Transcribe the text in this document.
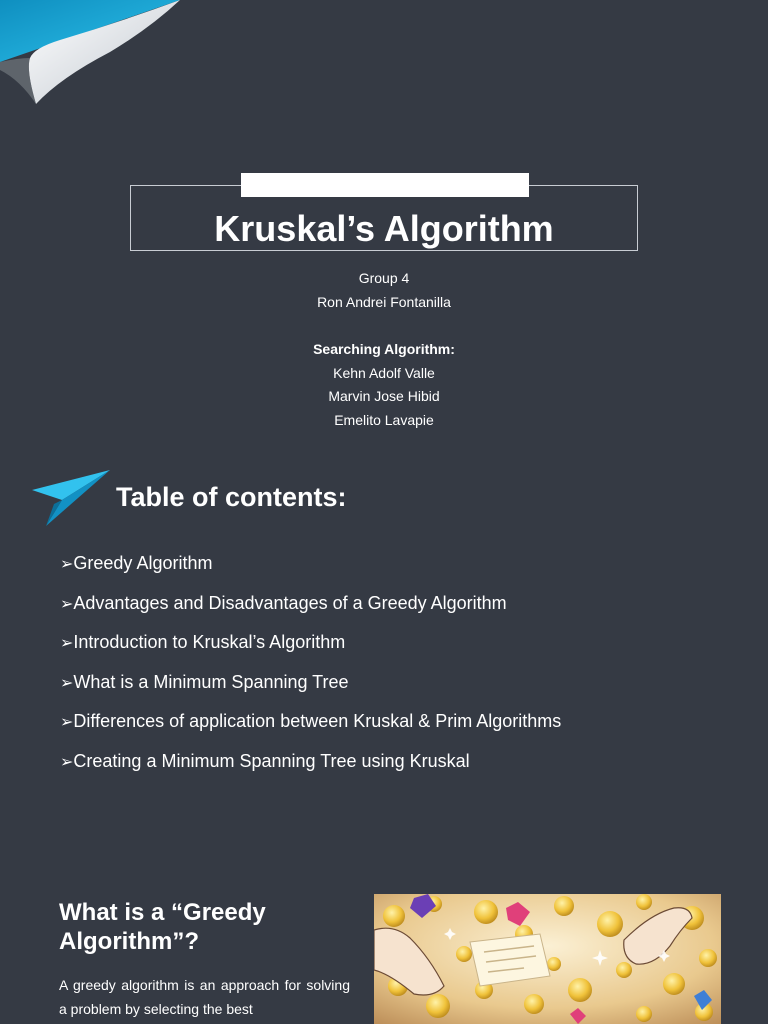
Kruskal’s Algorithm
Group 4
Ron Andrei Fontanilla
Searching Algorithm:
Kehn Adolf Valle
Marvin Jose Hibid
Emelito Lavapie
Table of contents:
➢Greedy Algorithm
➢Advantages and Disadvantages of a Greedy Algorithm
➢Introduction to Kruskal’s Algorithm
➢What is a Minimum Spanning Tree
➢Differences of application between Kruskal & Prim Algorithms
➢Creating a Minimum Spanning Tree using Kruskal
What is a “Greedy
Algorithm”?

A greedy algorithm is an approach for solving a problem by selecting the best
